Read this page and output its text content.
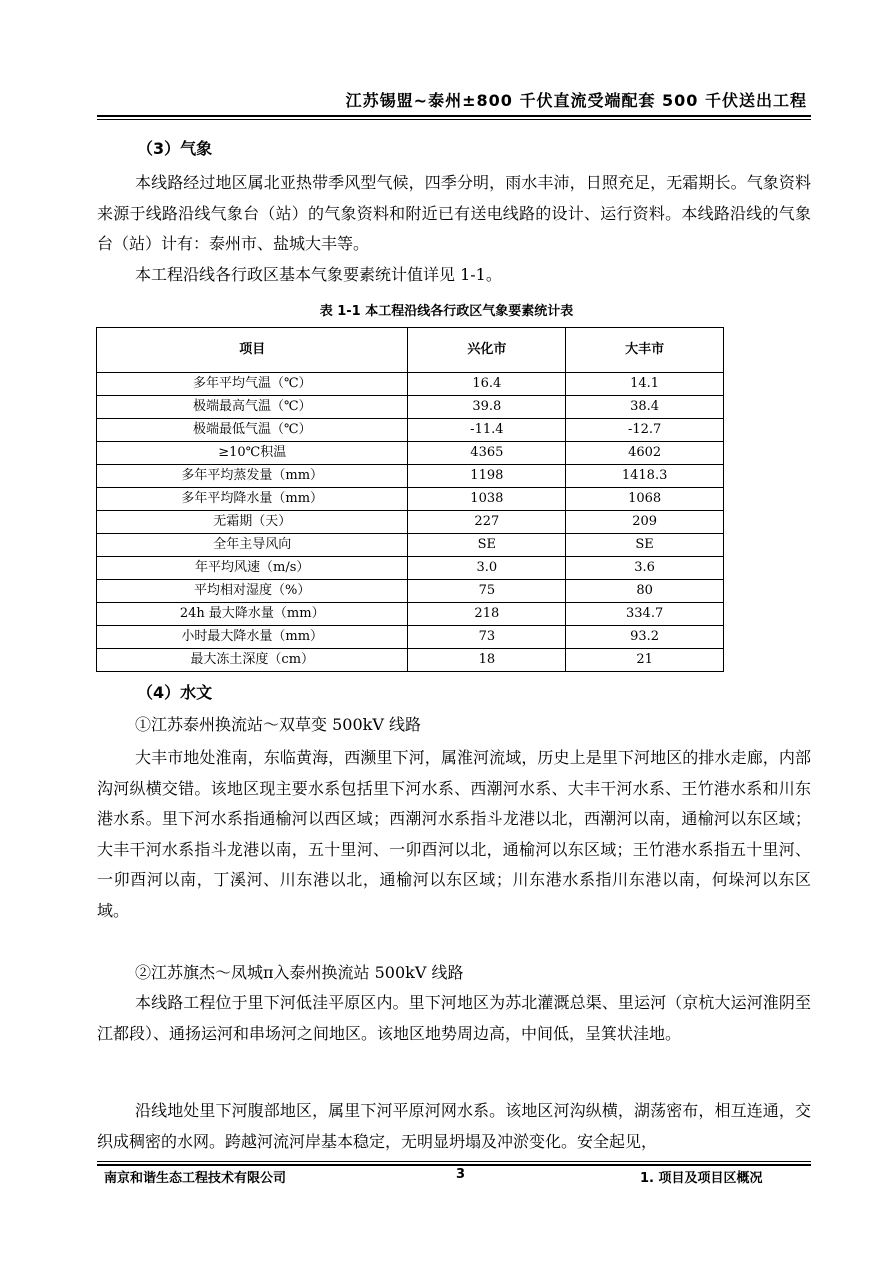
江苏锡盟~泰州±800 千伏直流受端配套 500 千伏送出工程
（3）气象

本线路经过地区属北亚热带季风型气候，四季分明，雨水丰沛，日照充足，无霜期长。气象资料来源于线路沿线气象台（站）的气象资料和附近已有送电线路的设计、运行资料。本线路沿线的气象台（站）计有：泰州市、盐城大丰等。

本工程沿线各行政区基本气象要素统计值详见 1-1。

表 1-1 本工程沿线各行政区气象要素统计表
项目	兴化市	大丰市
多年平均气温（℃）	16.4	14.1
极端最高气温（℃）	39.8	38.4
极端最低气温（℃）	-11.4	-12.7
≥10℃积温	4365	4602
多年平均蒸发量（mm）	1198	1418.3
多年平均降水量（mm）	1038	1068
无霜期（天）	227	209
全年主导风向	SE	SE
年平均风速（m/s）	3.0	3.6
平均相对湿度（%）	75	80
24h 最大降水量（mm）	218	334.7
小时最大降水量（mm）	73	93.2
最大冻土深度（cm）	18	21
（4）水文
①江苏泰州换流站～双草变 500kV 线路

大丰市地处淮南，东临黄海，西濒里下河，属淮河流域，历史上是里下河地区的排水走廊，内部沟河纵横交错。该地区现主要水系包括里下河水系、西潮河水系、大丰干河水系、王竹港水系和川东港水系。里下河水系指通榆河以西区域；西潮河水系指斗龙港以北，西潮河以南，通榆河以东区域；大丰干河水系指斗龙港以南，五十里河、一卯酉河以北，通榆河以东区域；王竹港水系指五十里河、一卯酉河以南，丁溪河、川东港以北，通榆河以东区域；川东港水系指川东港以南，何垛河以东区域。

②江苏旗杰～凤城π入泰州换流站 500kV 线路

本线路工程位于里下河低洼平原区内。里下河地区为苏北灌溉总渠、里运河（京杭大运河淮阴至江都段）、通扬运河和串场河之间地区。该地区地势周边高，中间低，呈箕状洼地。

沿线地处里下河腹部地区，属里下河平原河网水系。该地区河沟纵横，湖荡密布，相互连通，交织成稠密的水网。跨越河流河岸基本稳定，无明显坍塌及冲淤变化。安全起见，

南京和谐生态工程技术有限公司	3	1. 项目及项目区概况
